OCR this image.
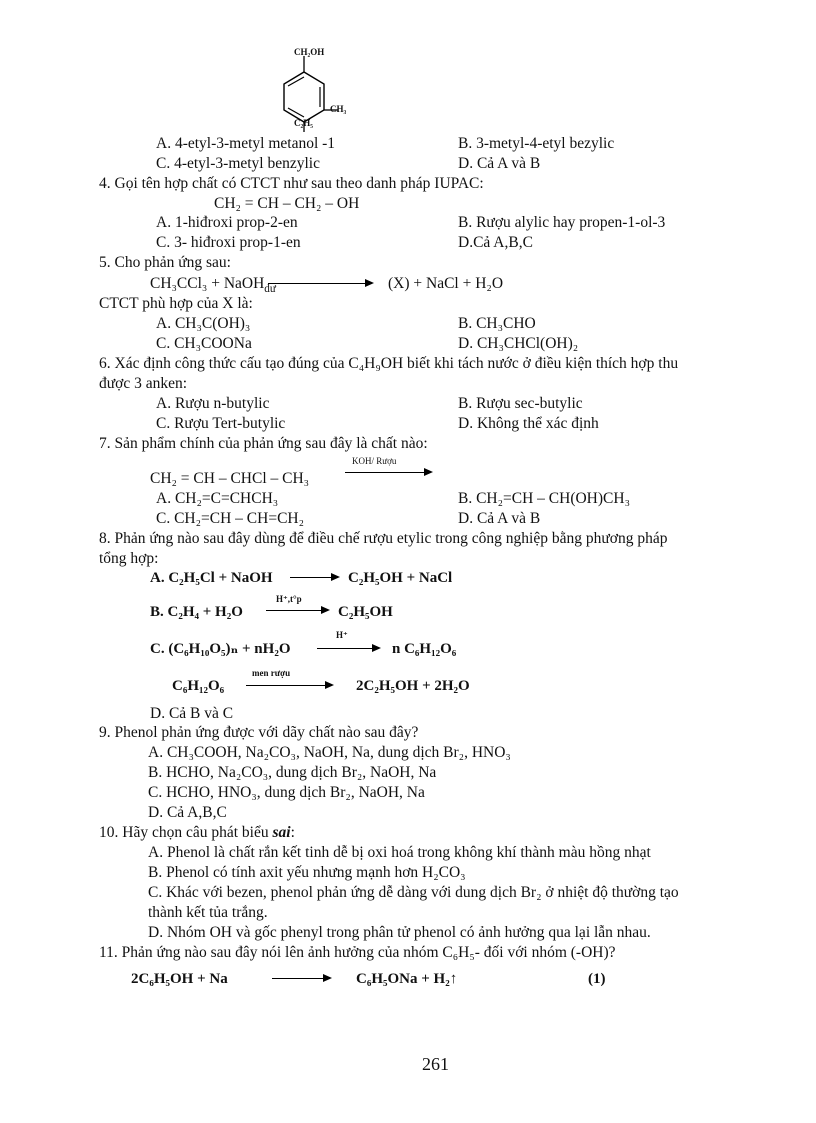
CH₂OH
CH₃
C₂H₅
A. 4-etyl-3-metyl metanol -1	B. 3-metyl-4-etyl bezylic
C. 4-etyl-3-metyl benzylic	D. Cả A và B
4. Gọi tên hợp chất có CTCT như sau theo danh pháp IUPAC:
CH₂ = CH – CH₂ – OH
A. 1-hiđroxi prop-2-en	B. Rượu alylic hay propen-1-ol-3
C. 3- hiđroxi prop-1-en	D.Cả A,B,C
5. Cho phản ứng sau:
CH₃CCl₃ + NaOH$_{dư}$	(X) + NaCl + H₂O
CTCT phù hợp của X là:
A. CH₃C(OH)₃	B. CH₃CHO
C. CH₃COONa	D. CH₃CHCl(OH)₂
6. Xác định công thức cấu tạo đúng của C₄H₉OH biết khi tách nước ở điều kiện thích hợp thu
được 3 anken:
A. Rượu n-butylic	B. Rượu sec-butylic
C. Rượu Tert-butylic	D. Không thể xác định
7. Sản phẩm chính của phản ứng sau đây là chất nào:
KOH/ Rượu
CH₂ = CH – CHCl – CH₃
A. CH₂=C=CHCH₃	B. CH₂=CH – CH(OH)CH₃
C. CH₂=CH – CH=CH₂	D. Cả A và B
8. Phản ứng nào sau đây dùng để điều chế rượu etylic trong công nghiệp bằng phương pháp
tổng hợp:
A. C₂H₅Cl + NaOH	C₂H₅OH + NaCl
H⁺,t°p
B. C₂H₄ + H₂O	C₂H₅OH
H⁺
C. (C₆H₁₀O₅)ₙ + nH₂O	n C₆H₁₂O₆
men rượu
C₆H₁₂O₆	2C₂H₅OH + 2H₂O
D. Cả B và C
9. Phenol phản ứng được với dãy chất nào sau đây?
A. CH₃COOH, Na₂CO₃, NaOH, Na, dung dịch Br₂, HNO₃
B. HCHO, Na₂CO₃, dung dịch Br₂, NaOH, Na
C. HCHO, HNO₃, dung dịch Br₂, NaOH, Na
D. Cả A,B,C
10. Hãy chọn câu phát biểu sai:
A. Phenol là chất rắn kết tinh dễ bị oxi hoá trong không khí thành màu hồng nhạt
B. Phenol có tính axit yếu nhưng mạnh hơn H₂CO₃
C. Khác với bezen, phenol phản ứng dễ dàng với dung dịch Br₂ ở nhiệt độ thường tạo
thành kết tủa trắng.
D. Nhóm OH và gốc phenyl trong phân tử phenol có ảnh hưởng qua lại lẫn nhau.
11. Phản ứng nào sau đây nói lên ảnh hưởng của nhóm C₆H₅- đối với nhóm (-OH)?
2C₆H₅OH + Na	C₆H₅ONa + H₂↑	(1)
261
